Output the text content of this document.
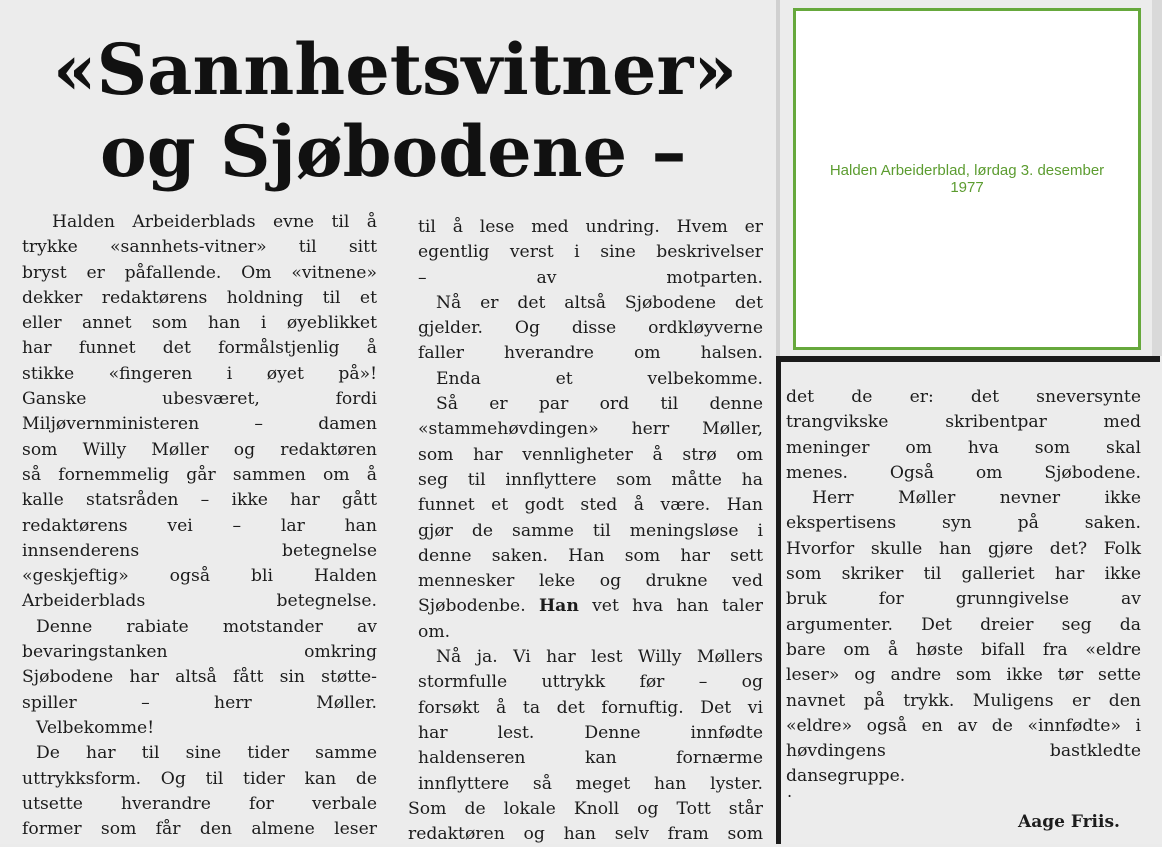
«Sannhetsvitner»
og Sjøbodene –
Halden Arbeiderblads evne til å
trykke «sannhets-vitner» til sitt
bryst er påfallende. Om «vitnene»
dekker redaktørens holdning til et
eller annet som han i øyeblikket
har funnet det formålstjenlig å
stikke «fingeren i øyet på»!
Ganske ubesværet, fordi
Miljøvernministeren – damen
som Willy Møller og redaktøren
så fornemmelig går sammen om å
kalle statsråden – ikke har gått
redaktørens vei – lar han
innsenderens betegnelse
«geskjeftig» også bli Halden
Arbeiderblads betegnelse.
Denne rabiate motstander av
bevaringstanken omkring
Sjøbodene har altså fått sin støtte-
spiller – herr Møller.
Velbekomme!
De har til sine tider samme
uttrykksform. Og til tider kan de
utsette hverandre for verbale
former som får den almene leser
til å lese med undring. Hvem er
egentlig verst i sine beskrivelser
– av motparten.
Nå er det altså Sjøbodene det
gjelder. Og disse ordkløyverne
faller hverandre om halsen.
Enda et velbekomme.
Så er par ord til denne
«stammehøvdingen» herr Møller,
som har vennligheter å strø om
seg til innflyttere som måtte ha
funnet et godt sted å være. Han
gjør de samme til meningsløse i
denne saken. Han som har sett
mennesker leke og drukne ved
Sjøbodenbe. Han vet hva han taler
om.
Nå ja. Vi har lest Willy Møllers
stormfulle uttrykk før – og
forsøkt å ta det fornuftig. Det vi
har lest. Denne innfødte
haldenseren kan fornærme
innflyttere så meget han lyster.
Som de lokale Knoll og Tott står
redaktøren og han selv fram som
det de er: det sneversynte
trangvikske skribentpar med
meninger om hva som skal
menes. Også om Sjøbodene.
Herr Møller nevner ikke
ekspertisens syn på saken.
Hvorfor skulle han gjøre det? Folk
som skriker til galleriet har ikke
bruk for grunngivelse av
argumenter. Det dreier seg da
bare om å høste bifall fra «eldre
leser» og andre som ikke tør sette
navnet på trykk. Muligens er den
«eldre» også en av de «innfødte» i
høvdingens bastkledte
dansegruppe.
.
Aage Friis.
Halden Arbeiderblad, lørdag 3. desember 1977
